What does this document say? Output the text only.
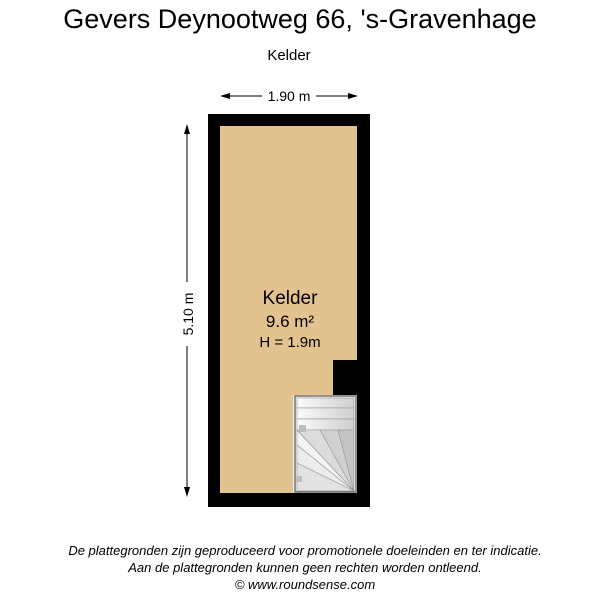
Gevers Deynootweg 66, 's-Gravenhage
Kelder
1.90 m
5.10 m	Kelder
9.6 m²
H = 1.9m
De plattegronden zijn geproduceerd voor promotionele doeleinden en ter indicatie.
Aan de plattegronden kunnen geen rechten worden ontleend.
© www.roundsense.com
